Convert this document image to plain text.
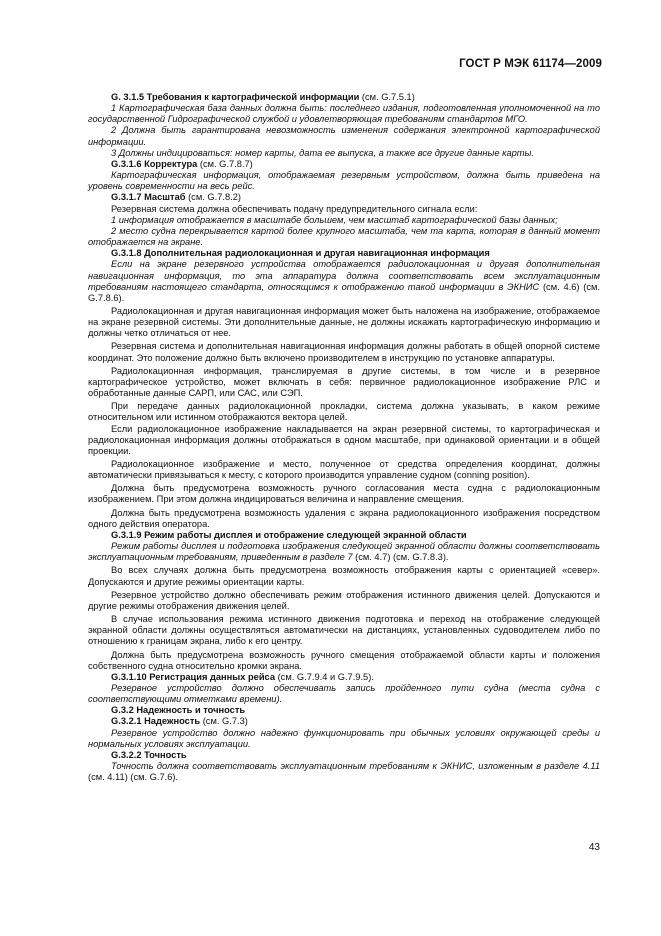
ГОСТ Р МЭК 61174—2009

G. 3.1.5 Требования к картографической информации (см. G.7.5.1)

1 Картографическая база данных должна быть: последнего издания, подготовленная уполномоченной на то государственной Гидрографической службой и удовлетворяющая требованиям стандартов МГО.

2 Должна быть гарантирована невозможность изменения содержания электронной картографической информации.

3 Должны индицироваться: номер карты, дата ее выпуска, а также все другие данные карты.

G.3.1.6 Корректура (см. G.7.8.7)

Картографическая информация, отображаемая резервным устройством, должна быть приведена на уровень современности на весь рейс.

G.3.1.7 Масштаб (см. G.7.8.2)

Резервная система должна обеспечивать подачу предупредительного сигнала если:

1 информация отображается в масштабе большем, чем масштаб картографической базы данных;

2 место судна перекрывается картой более крупного масштаба, чем та карта, которая в данный момент отображается на экране.

G.3.1.8 Дополнительная радиолокационная и другая навигационная информация

Если на экране резервного устройства отображается радиолокационная и другая дополнительная навигационная информация, то эта аппаратура должна соответствовать всем эксплуатационным требованиям настоящего стандарта, относящимся к отображению такой информации в ЭКНИС (см. 4.6) (см. G.7.8.6).

Радиолокационная и другая навигационная информация может быть наложена на изображение, отображаемое на экране резервной системы. Эти дополнительные данные, не должны искажать картографическую информацию и должны четко отличаться от нее.

Резервная система и дополнительная навигационная информация должны работать в общей опорной системе координат. Это положение должно быть включено производителем в инструкцию по установке аппаратуры.

Радиолокационная информация, транслируемая в другие системы, в том числе и в резервное картографическое устройство, может включать в себя: первичное радиолокационное изображение РЛС и обработанные данные САРП, или САС, или СЭП.

При передаче данных радиолокационной прокладки, система должна указывать, в каком режиме относительном или истинном отображаются вектора целей.

Если радиолокационное изображение накладывается на экран резервной системы, то картографическая и радиолокационная информация должны отображаться в одном масштабе, при одинаковой ориентации и в общей проекции.

Радиолокационное изображение и место, полученное от средства определения координат, должны автоматически привязываться к месту, с которого производится управление судном (conning position).

Должна быть предусмотрена возможность ручного согласования места судна с радиолокационным изображением. При этом должна индицироваться величина и направление смещения.

Должна быть предусмотрена возможность удаления с экрана радиолокационного изображения посредством одного действия оператора.

G.3.1.9 Режим работы дисплея и отображение следующей экранной области

Режим работы дисплея и подготовка изображения следующей экранной области должны соответствовать эксплуатационным требованиям, приведенным в разделе 7 (см. 4.7) (см. G.7.8.3).

Во всех случаях должна быть предусмотрена возможность отображения карты с ориентацией «север». Допускаются и другие режимы ориентации карты.

Резервное устройство должно обеспечивать режим отображения истинного движения целей. Допускаются и другие режимы отображения движения целей.

В случае использования режима истинного движения подготовка и переход на отображение следующей экранной области должны осуществляться автоматически на дистанциях, установленных судоводителем либо по отношению к границам экрана, либо к его центру.

Должна быть предусмотрена возможность ручного смещения отображаемой области карты и положения собственного судна относительно кромки экрана.

G.3.1.10 Регистрация данных рейса (см. G.7.9.4 и G.7.9.5).

Резервное устройство должно обеспечивать запись пройденного пути судна (места судна с соответствующими отметками времени).

G.3.2 Надежность и точность

G.3.2.1 Надежность (см. G.7.3)

Резервное устройство должно надежно функционировать при обычных условиях окружающей среды и нормальных условиях эксплуатации.

G.3.2.2 Точность

Точность должна соответствовать эксплуатационным требованиям к ЭКНИС, изложенным в разделе 4.11 (см. 4.11) (см. G.7.6).

43
